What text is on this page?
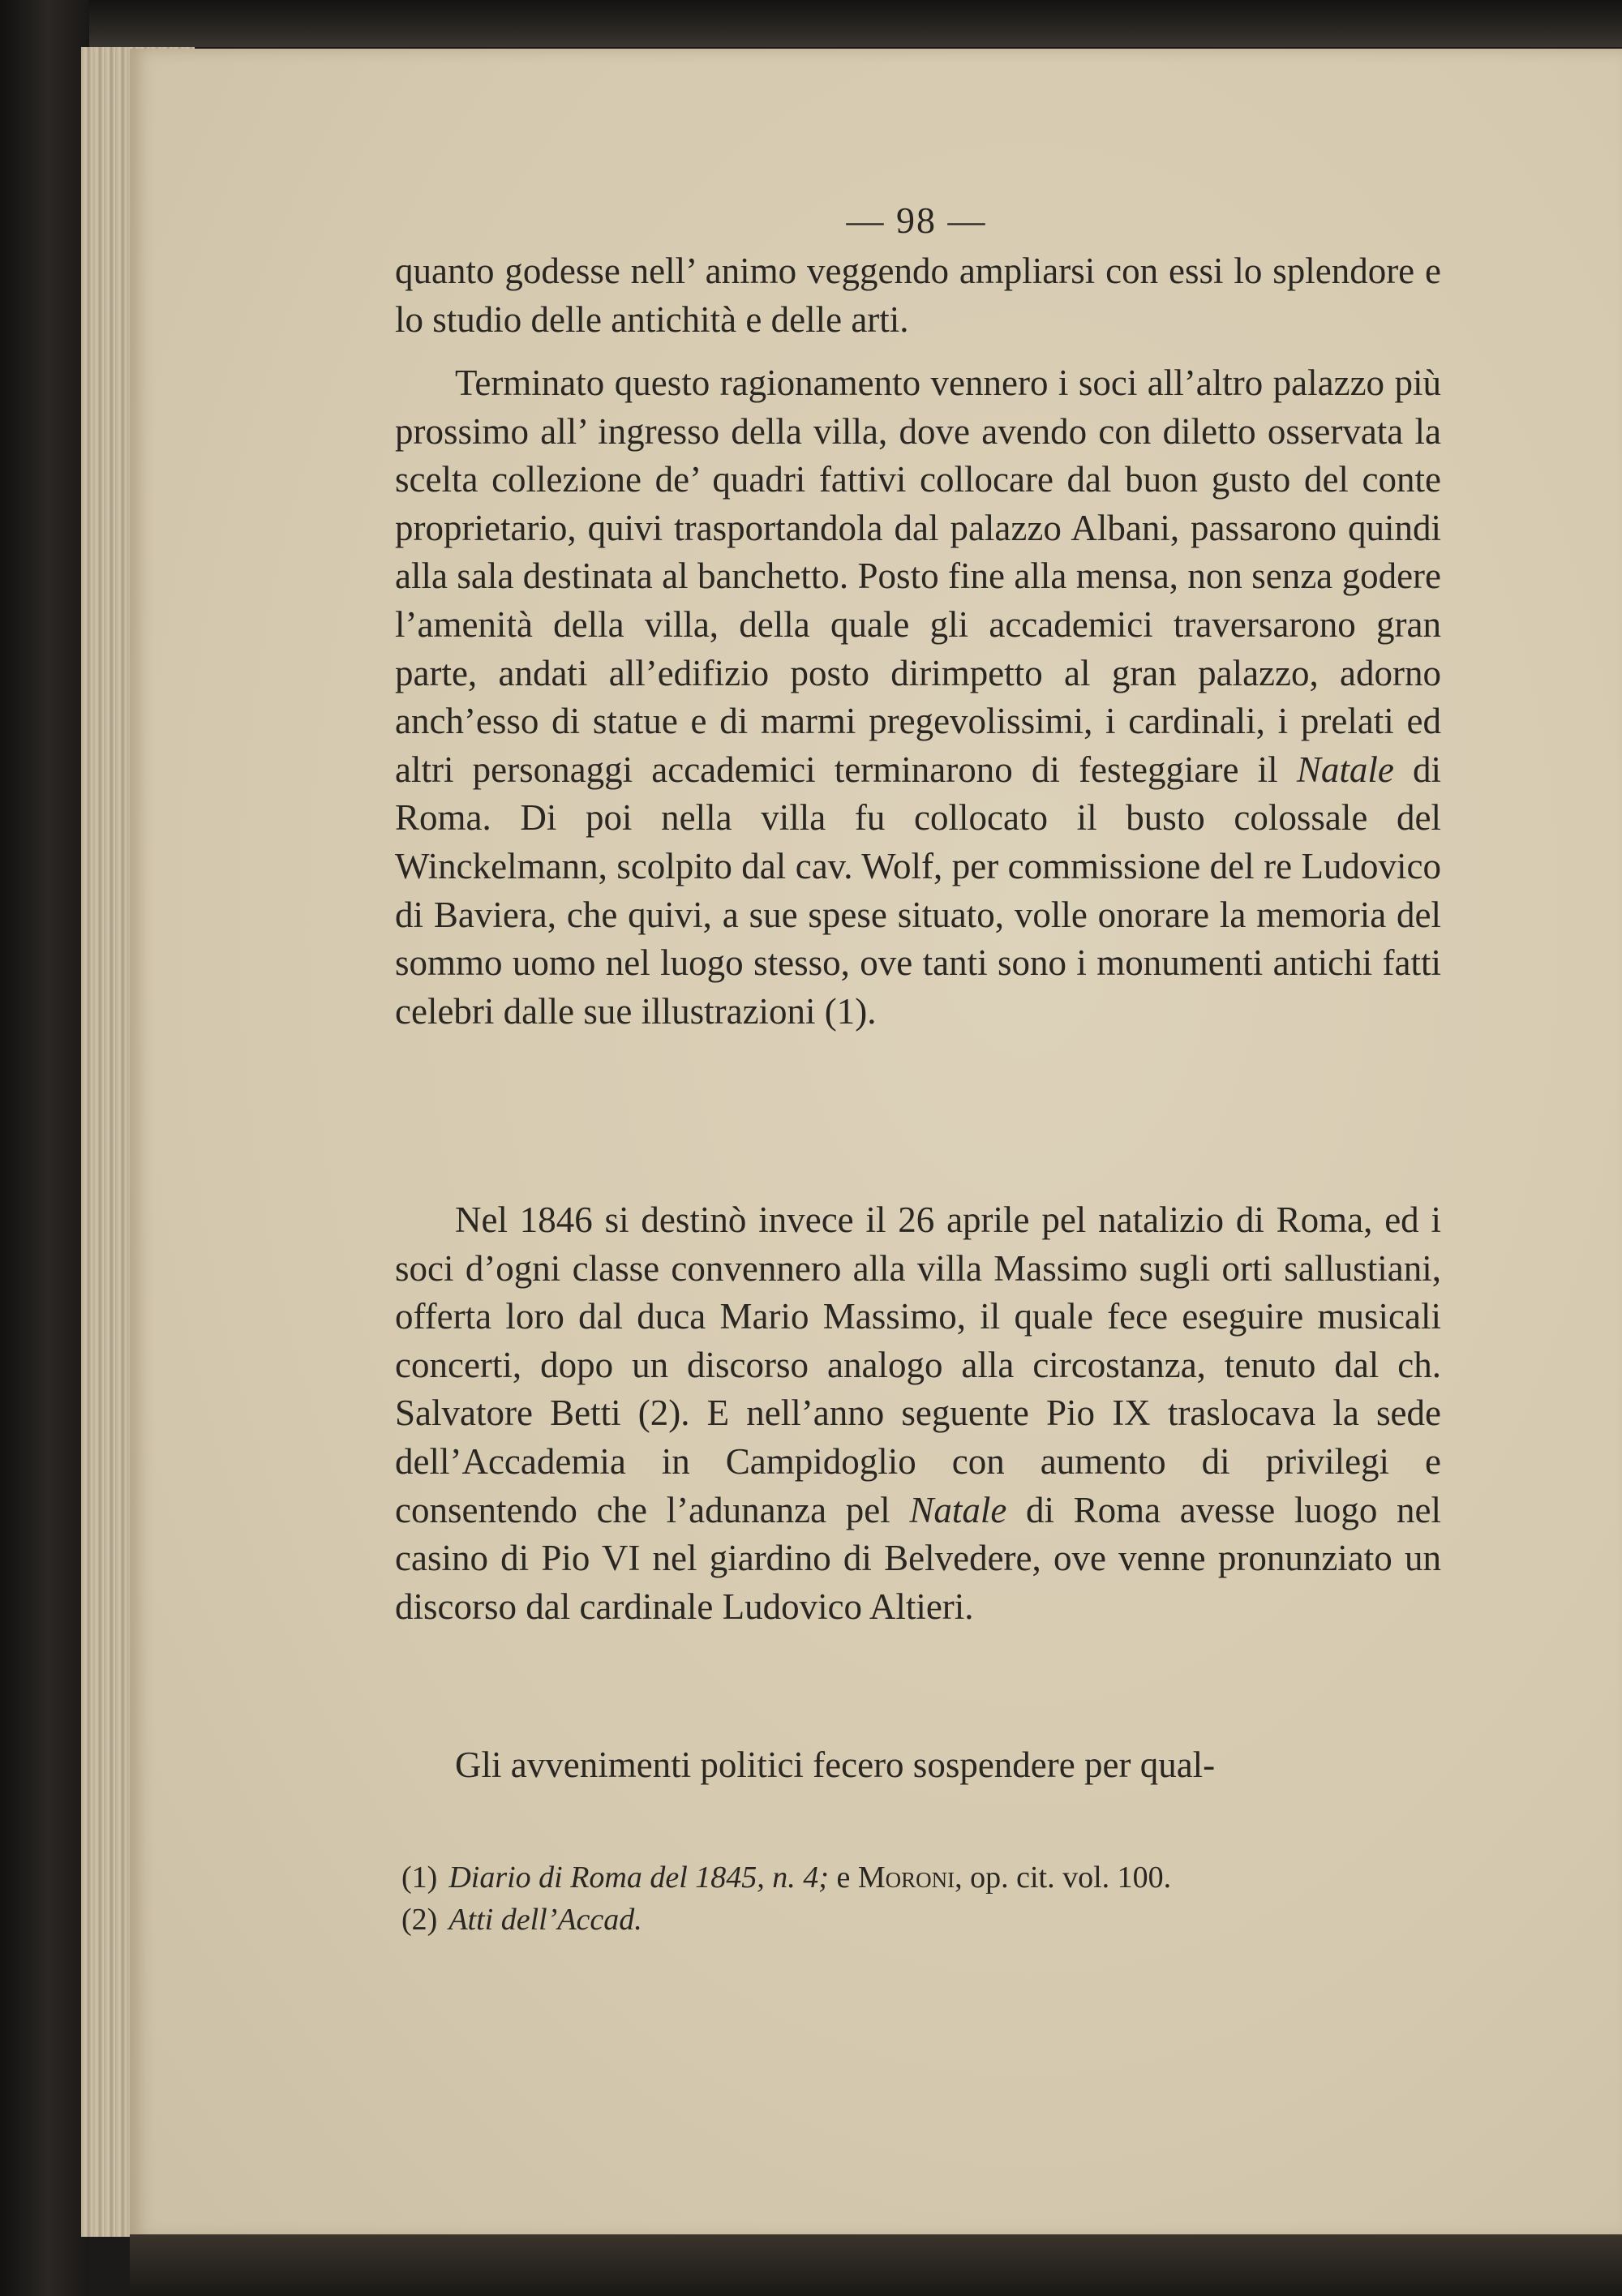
— 98 —

quanto godesse nell’ animo veggendo ampliarsi con essi lo splendore e lo studio delle antichità e delle arti.

Terminato questo ragionamento vennero i soci all’altro palazzo più prossimo all’ ingresso della villa, dove avendo con diletto osservata la scelta collezione de’ quadri fattivi collocare dal buon gusto del conte proprietario, quivi trasportandola dal palazzo Albani, passarono quindi alla sala destinata al banchetto. Posto fine alla mensa, non senza godere l’amenità della villa, della quale gli accademici traversarono gran parte, andati all’edifizio posto dirimpetto al gran palazzo, adorno anch’esso di statue e di marmi pregevolissimi, i cardinali, i prelati ed altri personaggi accademici terminarono di festeggiare il Natale di Roma. Di poi nella villa fu collocato il busto colossale del Winckelmann, scolpito dal cav. Wolf, per commissione del re Ludovico di Baviera, che quivi, a sue spese situato, volle onorare la memoria del sommo uomo nel luogo stesso, ove tanti sono i monumenti antichi fatti celebri dalle sue illustrazioni (1).

Nel 1846 si destinò invece il 26 aprile pel natalizio di Roma, ed i soci d’ogni classe convennero alla villa Massimo sugli orti sallustiani, offerta loro dal duca Mario Massimo, il quale fece eseguire musicali concerti, dopo un discorso analogo alla circostanza, tenuto dal ch. Salvatore Betti (2). E nell’anno seguente Pio IX traslocava la sede dell’Accademia in Campidoglio con aumento di privilegi e consentendo che l’adunanza pel Natale di Roma avesse luogo nel casino di Pio VI nel giardino di Belvedere, ove venne pronunziato un discorso dal cardinale Ludovico Altieri.

Gli avvenimenti politici fecero sospendere per qual-

(1) Diario di Roma del 1845, n. 4; e Moroni, op. cit. vol. 100.

(2) Atti dell’Accad.
